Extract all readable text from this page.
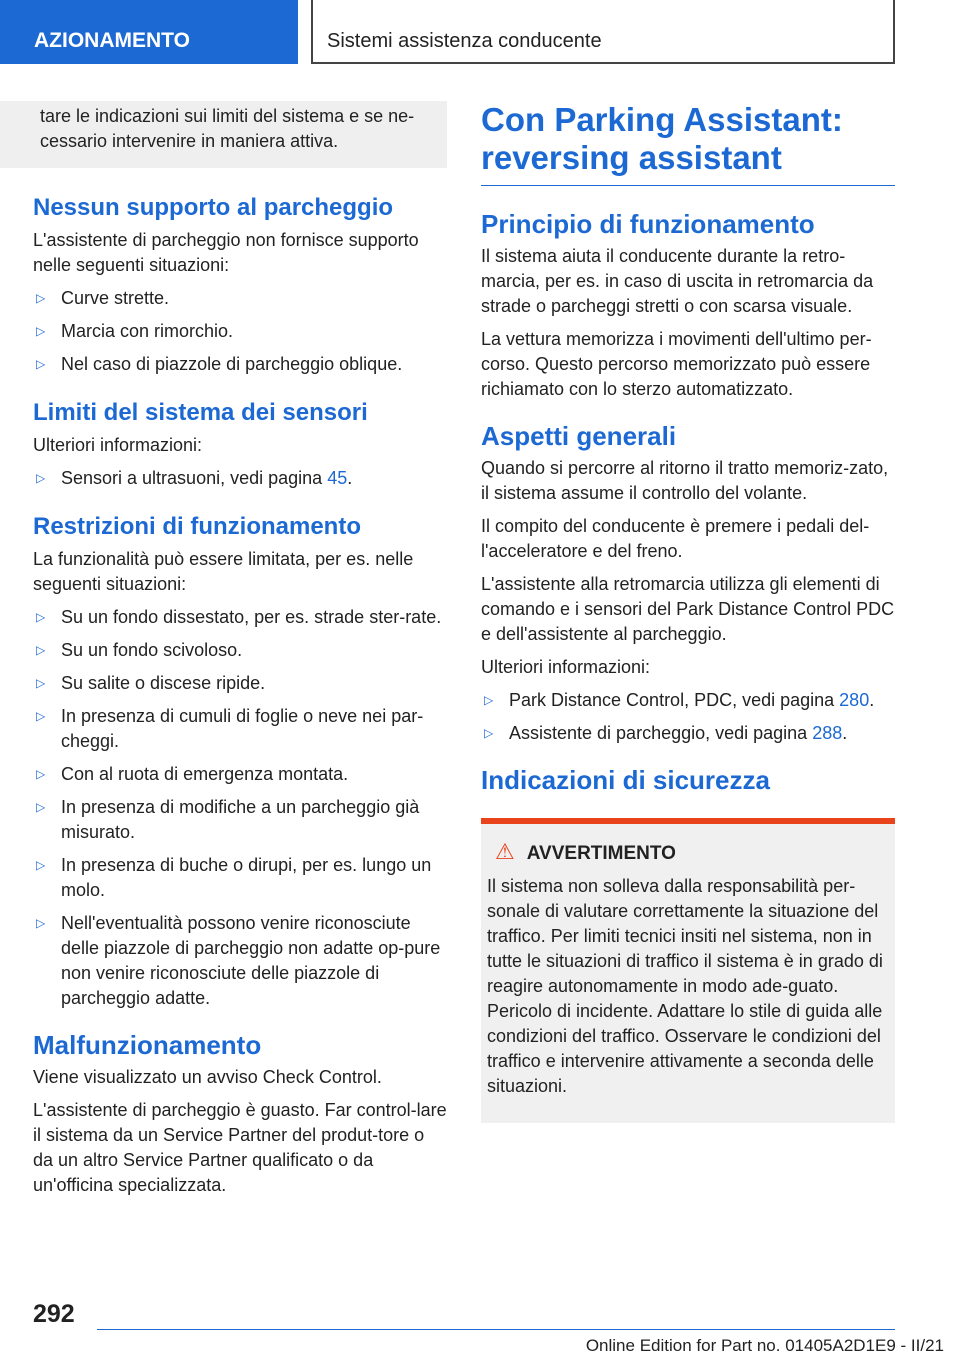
AZIONAMENTO	Sistemi assistenza conducente
tare le indicazioni sui limiti del sistema e se ne-cessario intervenire in maniera attiva.
Nessun supporto al parcheggio

L'assistente di parcheggio non fornisce supporto nelle seguenti situazioni:

▷ Curve strette.
▷ Marcia con rimorchio.
▷ Nel caso di piazzole di parcheggio oblique.
Limiti del sistema dei sensori

Ulteriori informazioni:

▷ Sensori a ultrasuoni, vedi pagina 45.
Restrizioni di funzionamento

La funzionalità può essere limitata, per es. nelle seguenti situazioni:

▷ Su un fondo dissestato, per es. strade ster-rate.
▷ Su un fondo scivoloso.
▷ Su salite o discese ripide.
▷ In presenza di cumuli di foglie o neve nei par-cheggi.
▷ Con al ruota di emergenza montata.
▷ In presenza di modifiche a un parcheggio già misurato.
▷ In presenza di buche o dirupi, per es. lungo un molo.
▷ Nell'eventualità possono venire riconosciute delle piazzole di parcheggio non adatte op-pure non venire riconosciute delle piazzole di parcheggio adatte.
Malfunzionamento

Viene visualizzato un avviso Check Control.

L'assistente di parcheggio è guasto. Far control-lare il sistema da un Service Partner del produt-tore o da un altro Service Partner qualificato o da un'officina specializzata.

Con Parking Assistant: reversing assistant
Principio di funzionamento

Il sistema aiuta il conducente durante la retro-marcia, per es. in caso di uscita in retromarcia da strade o parcheggi stretti o con scarsa visuale.

La vettura memorizza i movimenti dell'ultimo per-corso. Questo percorso memorizzato può essere richiamato con lo sterzo automatizzato.

Aspetti generali

Quando si percorre al ritorno il tratto memoriz-zato, il sistema assume il controllo del volante.

Il compito del conducente è premere i pedali del-l'acceleratore e del freno.

L'assistente alla retromarcia utilizza gli elementi di comando e i sensori del Park Distance Control PDC e dell'assistente al parcheggio.

Ulteriori informazioni:

▷ Park Distance Control, PDC, vedi pagina 280.
▷ Assistente di parcheggio, vedi pagina 288.
Indicazioni di sicurezza
⚠ AVVERTIMENTO

Il sistema non solleva dalla responsabilità per-sonale di valutare correttamente la situazione del traffico. Per limiti tecnici insiti nel sistema, non in tutte le situazioni di traffico il sistema è in grado di reagire autonomamente in modo ade-guato. Pericolo di incidente. Adattare lo stile di guida alle condizioni del traffico. Osservare le condizioni del traffico e intervenire attivamente a seconda delle situazioni.

292
Online Edition for Part no. 01405A2D1E9 - II/21
